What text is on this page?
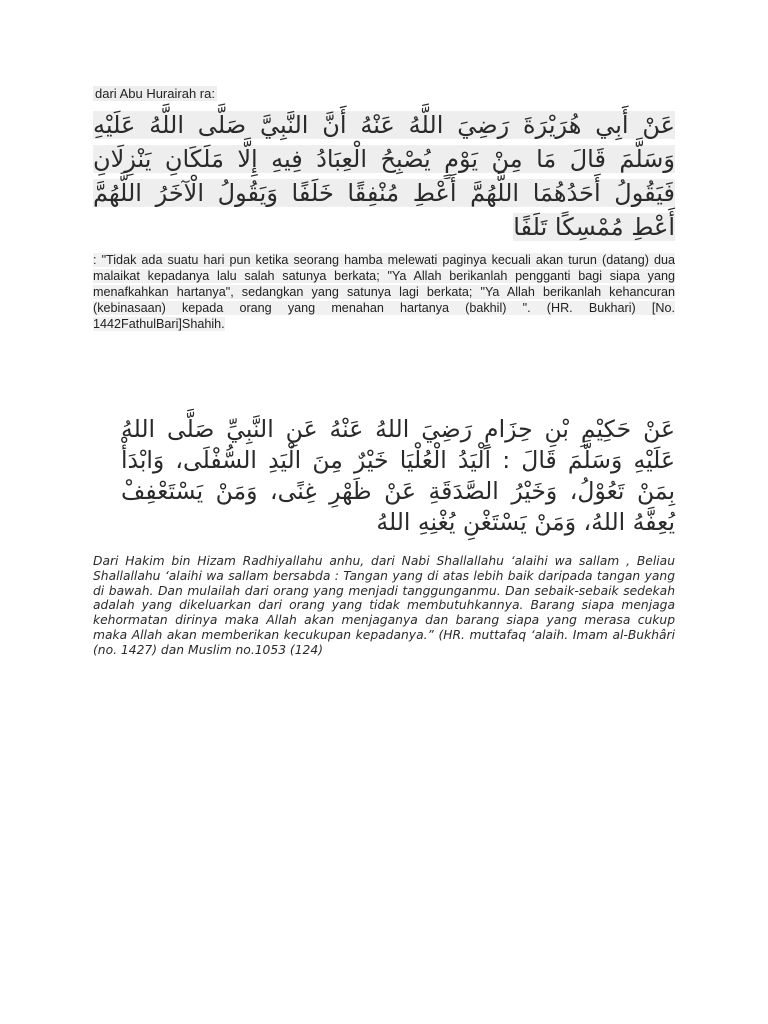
dari Abu Hurairah ra:

عَنْ أَبِي هُرَيْرَةَ رَضِيَ اللَّهُ عَنْهُ أَنَّ النَّبِيَّ صَلَّى اللَّهُ عَلَيْهِ وَسَلَّمَ قَالَ مَا مِنْ يَوْمٍ يُصْبِحُ الْعِبَادُ فِيهِ إِلَّا مَلَكَانِ يَنْزِلَانِ فَيَقُولُ أَحَدُهُمَا اللَّهُمَّ أَعْطِ مُنْفِقًا خَلَفًا وَيَقُولُ الْآخَرُ اللَّهُمَّ أَعْطِ مُمْسِكًا تَلَفًا

: "Tidak ada suatu hari pun ketika seorang hamba melewati paginya kecuali akan turun (datang) dua malaikat kepadanya lalu salah satunya berkata; "Ya Allah berikanlah pengganti bagi siapa yang menafkahkan hartanya", sedangkan yang satunya lagi berkata; "Ya Allah berikanlah kehancuran (kebinasaan) kepada orang yang menahan hartanya (bakhil) ". (HR. Bukhari) [No. 1442FathulBari]Shahih.

عَنْ حَكِيْمِ بْنِ حِزَامٍ رَضِيَ اللهُ عَنْهُ عَنِ النَّبِيِّ صَلَّى اللهُ عَلَيْهِ وَسَلَّمَ قَالَ : اَلْيَدُ الْعُلْيَا خَيْرٌ مِنَ الْيَدِ السُّفْلَى، وَابْدَأْ بِمَنْ تَعُوْلُ، وَخَيْرُ الصَّدَقَةِ عَنْ ظَهْرِ غِنًى، وَمَنْ يَسْتَعْفِفْ يُعِفَّهُ اللهُ، وَمَنْ يَسْتَغْنِ يُغْنِهِ اللهُ

Dari Hakim bin Hizam Radhiyallahu anhu, dari Nabi Shallallahu ‘alaihi wa sallam , Beliau Shallallahu ‘alaihi wa sallam bersabda : Tangan yang di atas lebih baik daripada tangan yang di bawah. Dan mulailah dari orang yang menjadi tanggunganmu. Dan sebaik-sebaik sedekah adalah yang dikeluarkan dari orang yang tidak membutuhkannya. Barang siapa menjaga kehormatan dirinya maka Allah akan menjaganya dan barang siapa yang merasa cukup maka Allah akan memberikan kecukupan kepadanya.” (HR. muttafaq ‘alaih. Imam al-Bukhâri (no. 1427) dan Muslim no.1053 (124)
